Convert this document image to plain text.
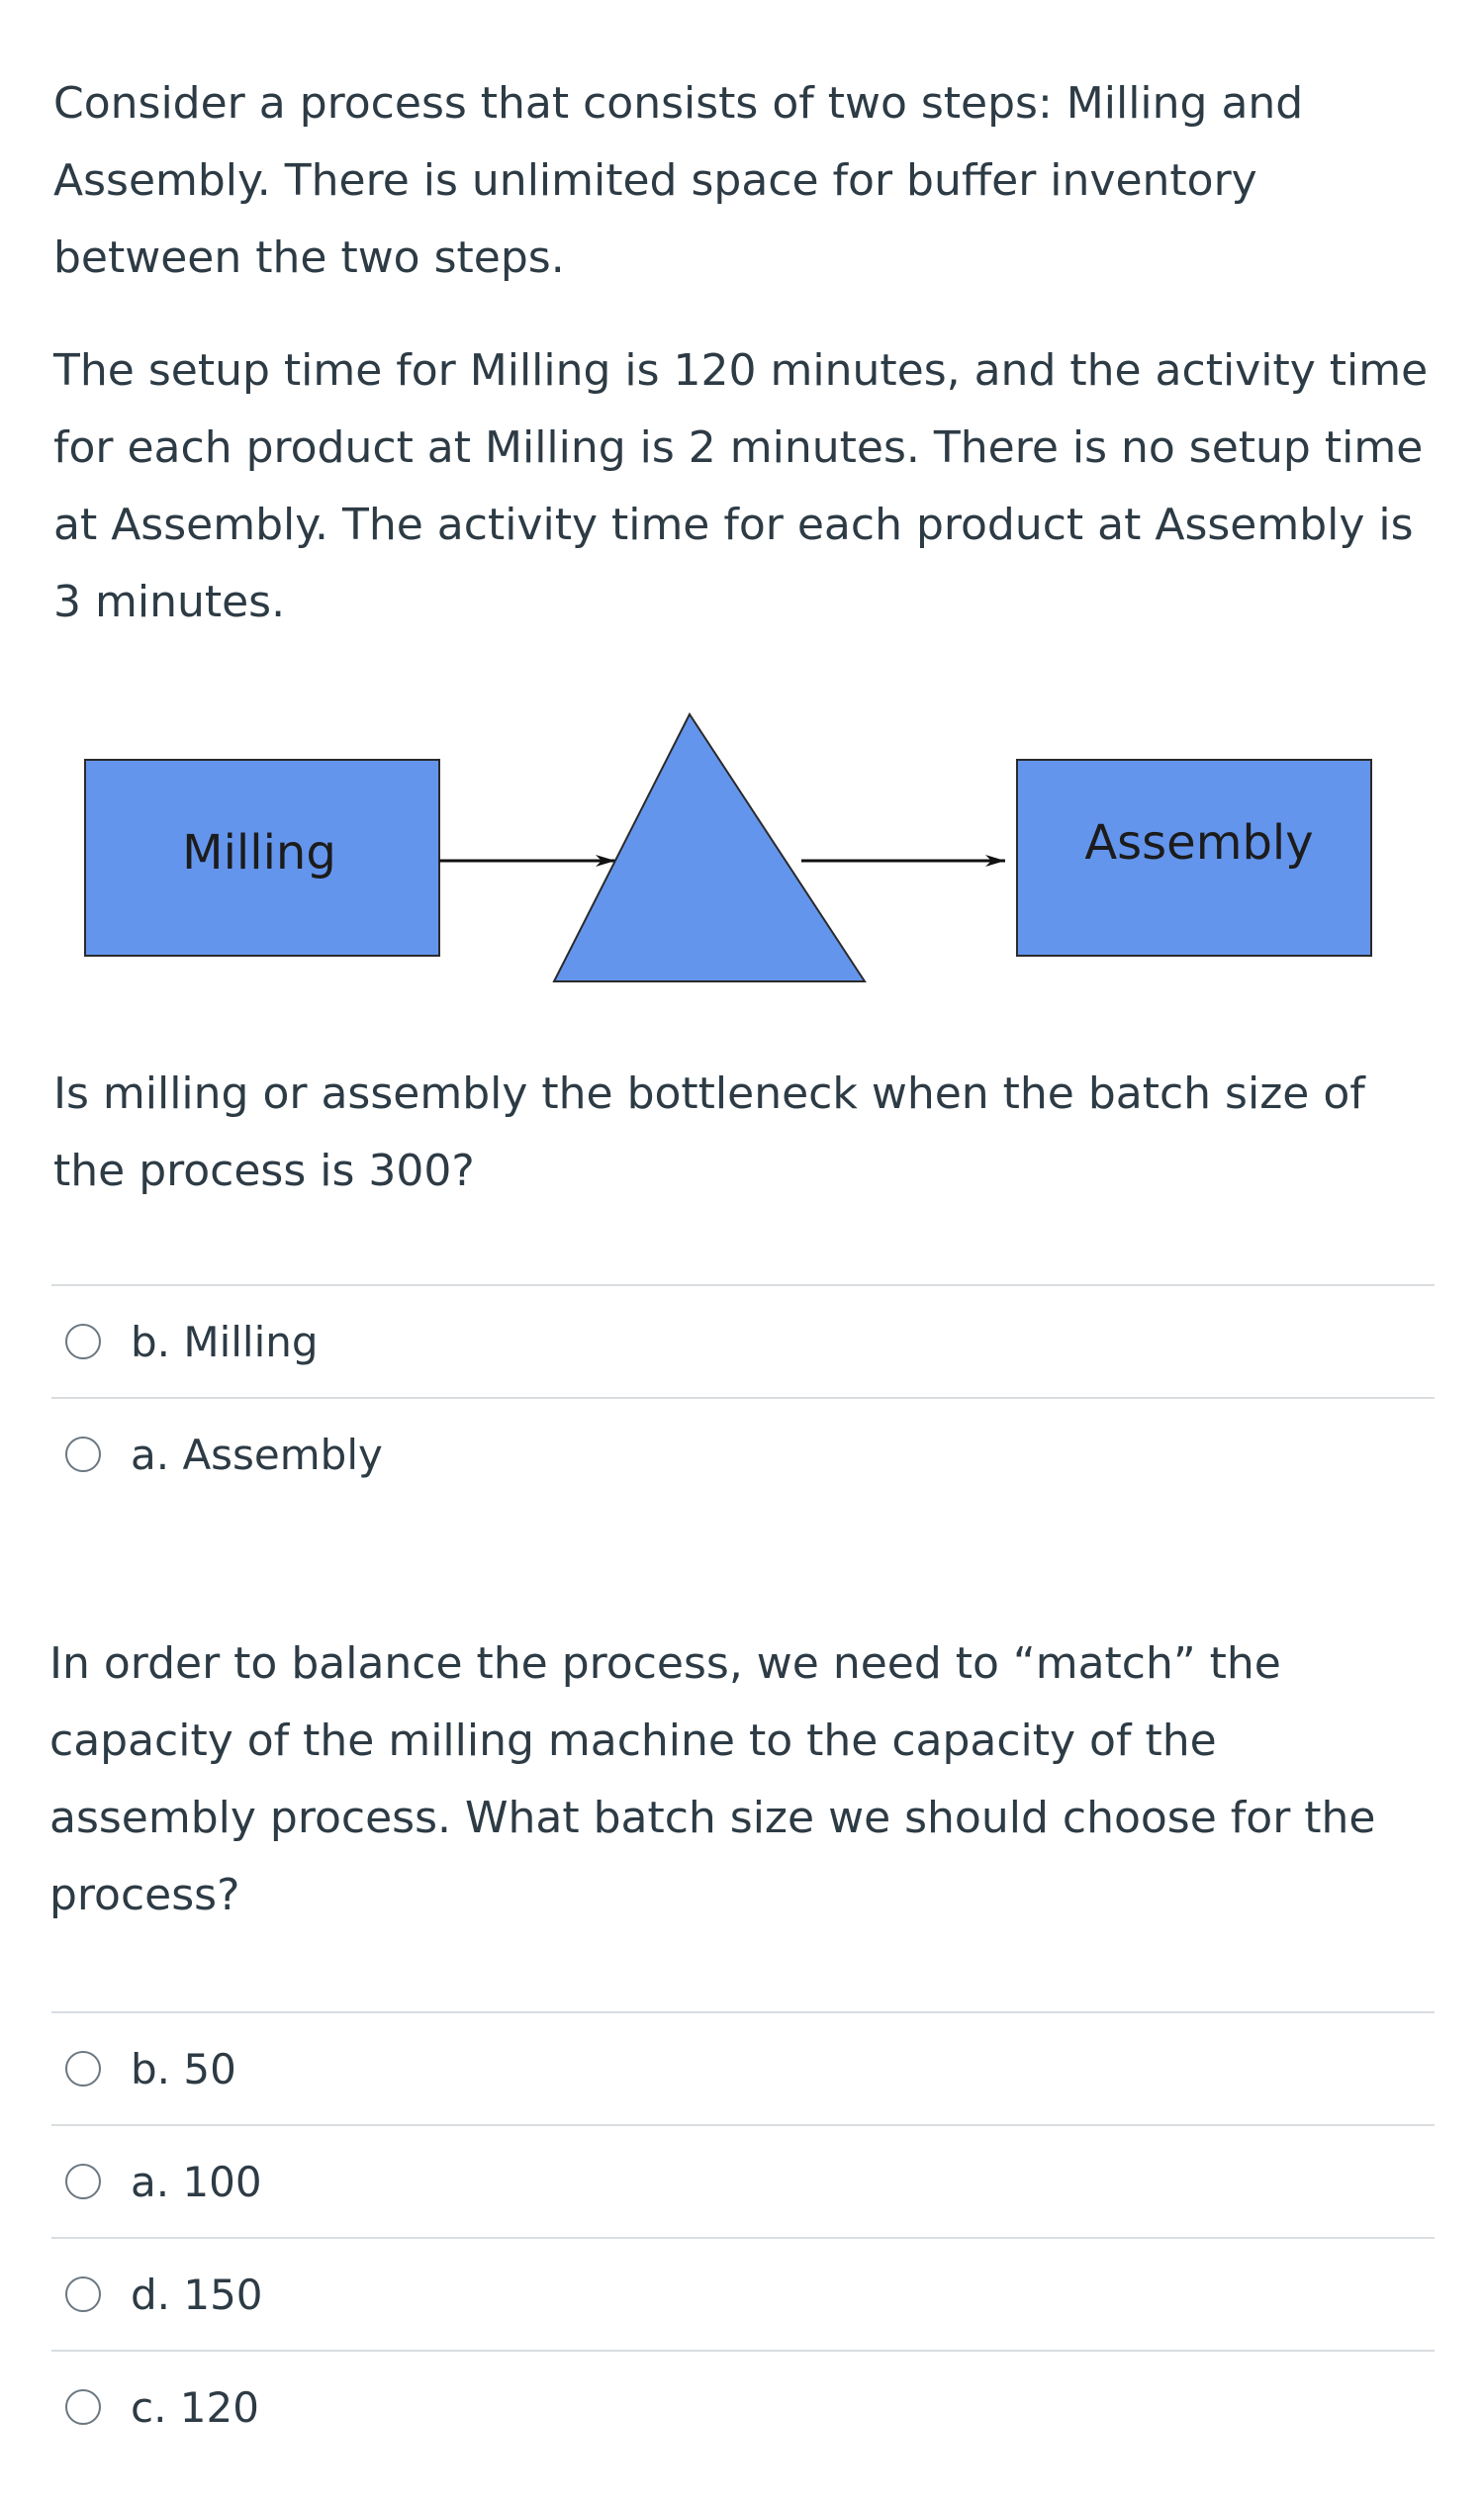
Consider a process that consists of two steps: Milling and Assembly. There is unlimited space for buffer inventory between the two steps.

The setup time for Milling is 120 minutes, and the activity time for each product at Milling is 2 minutes. There is no setup time at Assembly. The activity time for each product at Assembly is 3 minutes.

Milling	Assembly

Is milling or assembly the bottleneck when the batch size of the process is 300?

b. Milling
a. Assembly

In order to balance the process, we need to “match” the capacity of the milling machine to the capacity of the assembly process. What batch size we should choose for the process?

b. 50
a. 100
d. 150
c. 120
